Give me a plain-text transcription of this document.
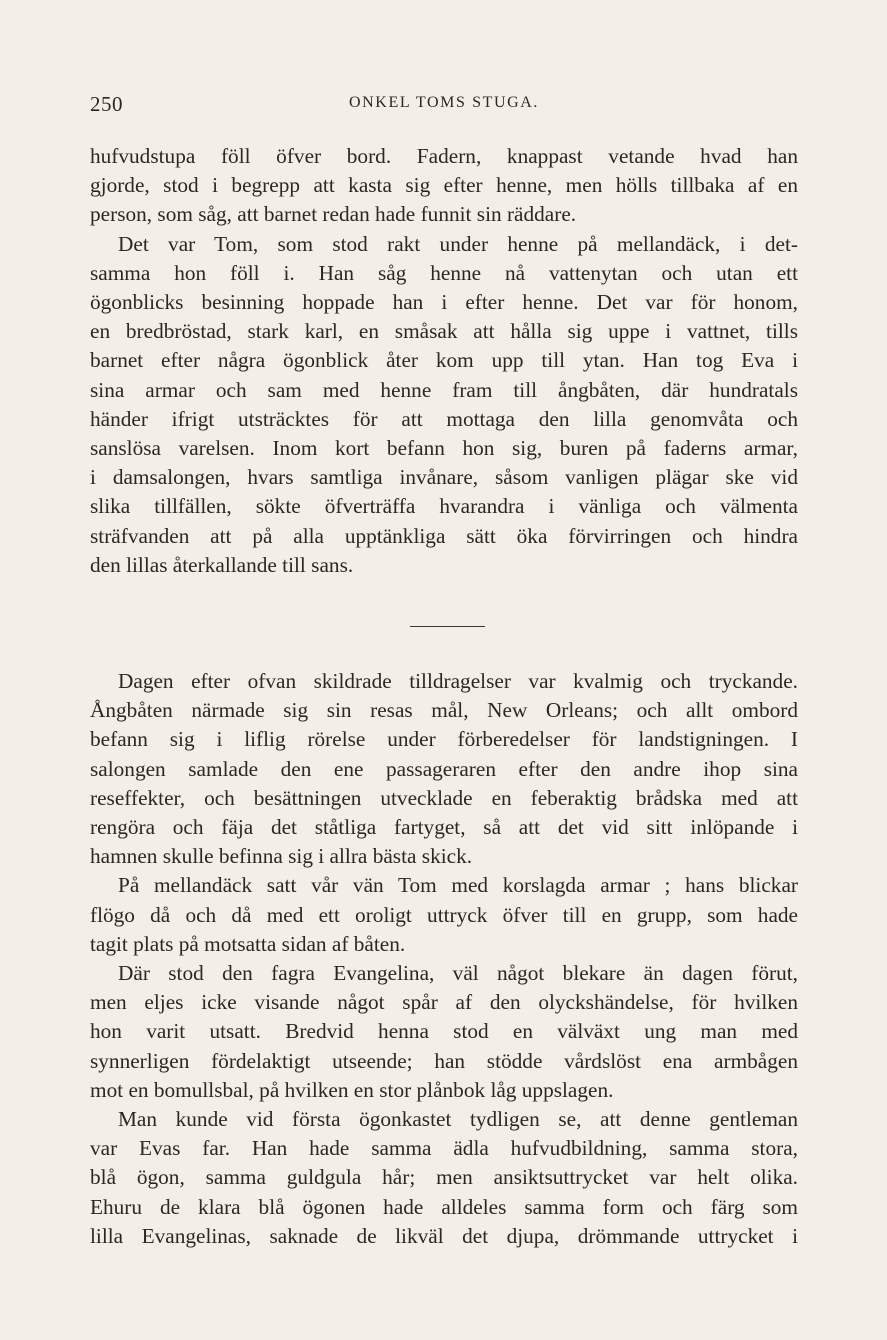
250	ONKEL TOMS STUGA.

hufvudstupa föll öfver bord. Fadern, knappast vetande hvad han
gjorde, stod i begrepp att kasta sig efter henne, men hölls tillbaka af en
person, som såg, att barnet redan hade funnit sin räddare.

Det var Tom, som stod rakt under henne på mellandäck, i det-
samma hon föll i. Han såg henne nå vattenytan och utan ett
ögonblicks besinning hoppade han i efter henne. Det var för honom,
en bredbröstad, stark karl, en småsak att hålla sig uppe i vattnet, tills
barnet efter några ögonblick åter kom upp till ytan. Han tog Eva i
sina armar och sam med henne fram till ångbåten, där hundratals
händer ifrigt utsträcktes för att mottaga den lilla genomvåta och
sanslösa varelsen. Inom kort befann hon sig, buren på faderns armar,
i damsalongen, hvars samtliga invånare, såsom vanligen plägar ske vid
slika tillfällen, sökte öfverträffa hvarandra i vänliga och välmenta
sträfvanden att på alla upptänkliga sätt öka förvirringen och hindra
den lillas återkallande till sans.

Dagen efter ofvan skildrade tilldragelser var kvalmig och tryckande.
Ångbåten närmade sig sin resas mål, New Orleans; och allt ombord
befann sig i liflig rörelse under förberedelser för landstigningen. I
salongen samlade den ene passageraren efter den andre ihop sina
reseffekter, och besättningen utvecklade en feberaktig brådska med att
rengöra och fäja det ståtliga fartyget, så att det vid sitt inlöpande i
hamnen skulle befinna sig i allra bästa skick.

På mellandäck satt vår vän Tom med korslagda armar ; hans blickar
flögo då och då med ett oroligt uttryck öfver till en grupp, som hade
tagit plats på motsatta sidan af båten.

Där stod den fagra Evangelina, väl något blekare än dagen förut,
men eljes icke visande något spår af den olyckshändelse, för hvilken
hon varit utsatt. Bredvid henna stod en välväxt ung man med
synnerligen fördelaktigt utseende; han stödde vårdslöst ena armbågen
mot en bomullsbal, på hvilken en stor plånbok låg uppslagen.

Man kunde vid första ögonkastet tydligen se, att denne gentleman
var Evas far. Han hade samma ädla hufvudbildning, samma stora,
blå ögon, samma guldgula hår; men ansiktsuttrycket var helt olika.
Ehuru de klara blå ögonen hade alldeles samma form och färg som
lilla Evangelinas, saknade de likväl det djupa, drömmande uttrycket i
